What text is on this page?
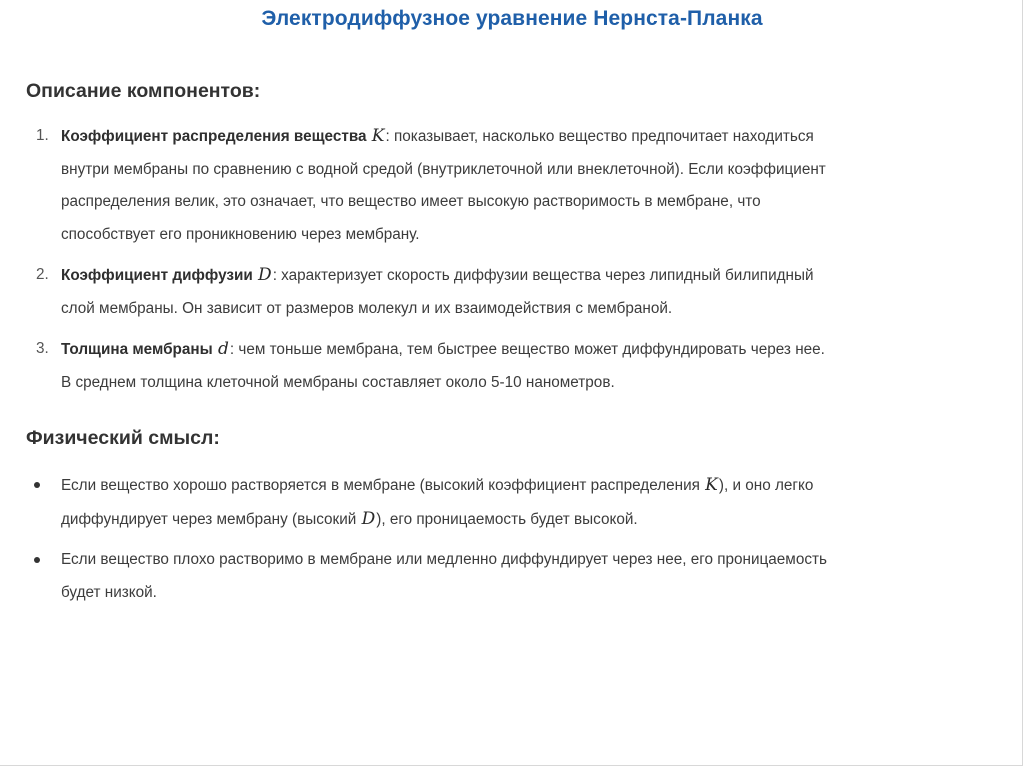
Электродиффузное уравнение Нернста-Планка
Описание компонентов:
1. Коэффициент распределения вещества K: показывает, насколько вещество предпочитает находиться внутри мембраны по сравнению с водной средой (внутриклеточной или внеклеточной). Если коэффициент распределения велик, это означает, что вещество имеет высокую растворимость в мембране, что способствует его проникновению через мембрану.
2. Коэффициент диффузии D: характеризует скорость диффузии вещества через липидный билипидный слой мембраны. Он зависит от размеров молекул и их взаимодействия с мембраной.
3. Толщина мембраны d: чем тоньше мембрана, тем быстрее вещество может диффундировать через нее. В среднем толщина клеточной мембраны составляет около 5-10 нанометров.
Физический смысл:
Если вещество хорошо растворяется в мембране (высокий коэффициент распределения K), и оно легко диффундирует через мембрану (высокий D), его проницаемость будет высокой.
Если вещество плохо растворимо в мембране или медленно диффундирует через нее, его проницаемость будет низкой.
